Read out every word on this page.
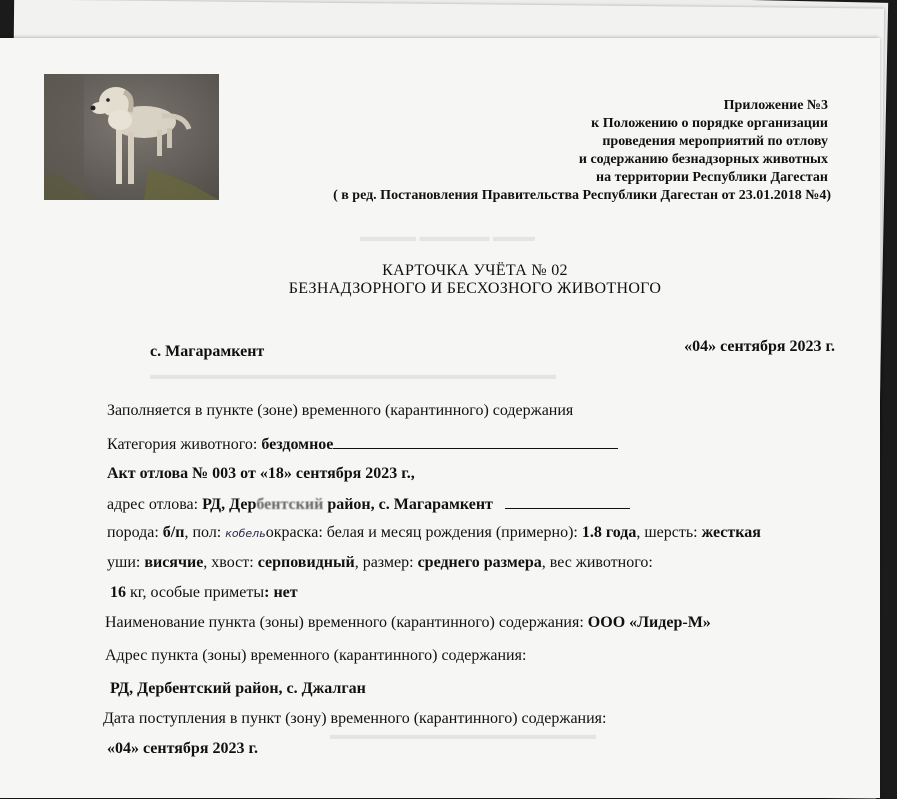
▬▬▬▬ ▬▬▬▬▬ ▬▬▬
▬▬▬▬▬▬▬▬▬▬▬▬▬▬▬▬▬▬▬▬▬▬▬▬▬▬▬▬▬
▬▬▬▬▬▬▬▬▬▬▬▬▬▬▬▬▬▬▬
Приложение №3
к Положению о порядке организации
проведения мероприятий по отлову
и содержанию безнадзорных животных
на территории Республики Дагестан
( в ред. Постановления Правительства Республики Дагестан от 23.01.2018 №4)
КАРТОЧКА УЧЁТА № 02
БЕЗНАДЗОРНОГО И БЕСХОЗНОГО ЖИВОТНОГО
с. Магарамкент	«04» сентября 2023 г.
Заполняется в пункте (зоне) временного (карантинного) содержания
Категория животного: бездомное
Акт отлова № 003 от «18» сентября 2023 г.,
адрес отлова: РД, Дербентский район, с. Магарамкент
порода: б/п, пол: кобельокраска: белая и месяц рождения (примерно): 1.8 года, шерсть: жесткая
уши: висячие, хвост: серповидный, размер: среднего размера, вес животного:
16 кг, особые приметы: нет
Наименование пункта (зоны) временного (карантинного) содержания: ООО «Лидер-М»
Адрес пункта (зоны) временного (карантинного) содержания:
РД, Дербентский район, с. Джалган
Дата поступления в пункт (зону) временного (карантинного) содержания:
«04» сентября 2023 г.
